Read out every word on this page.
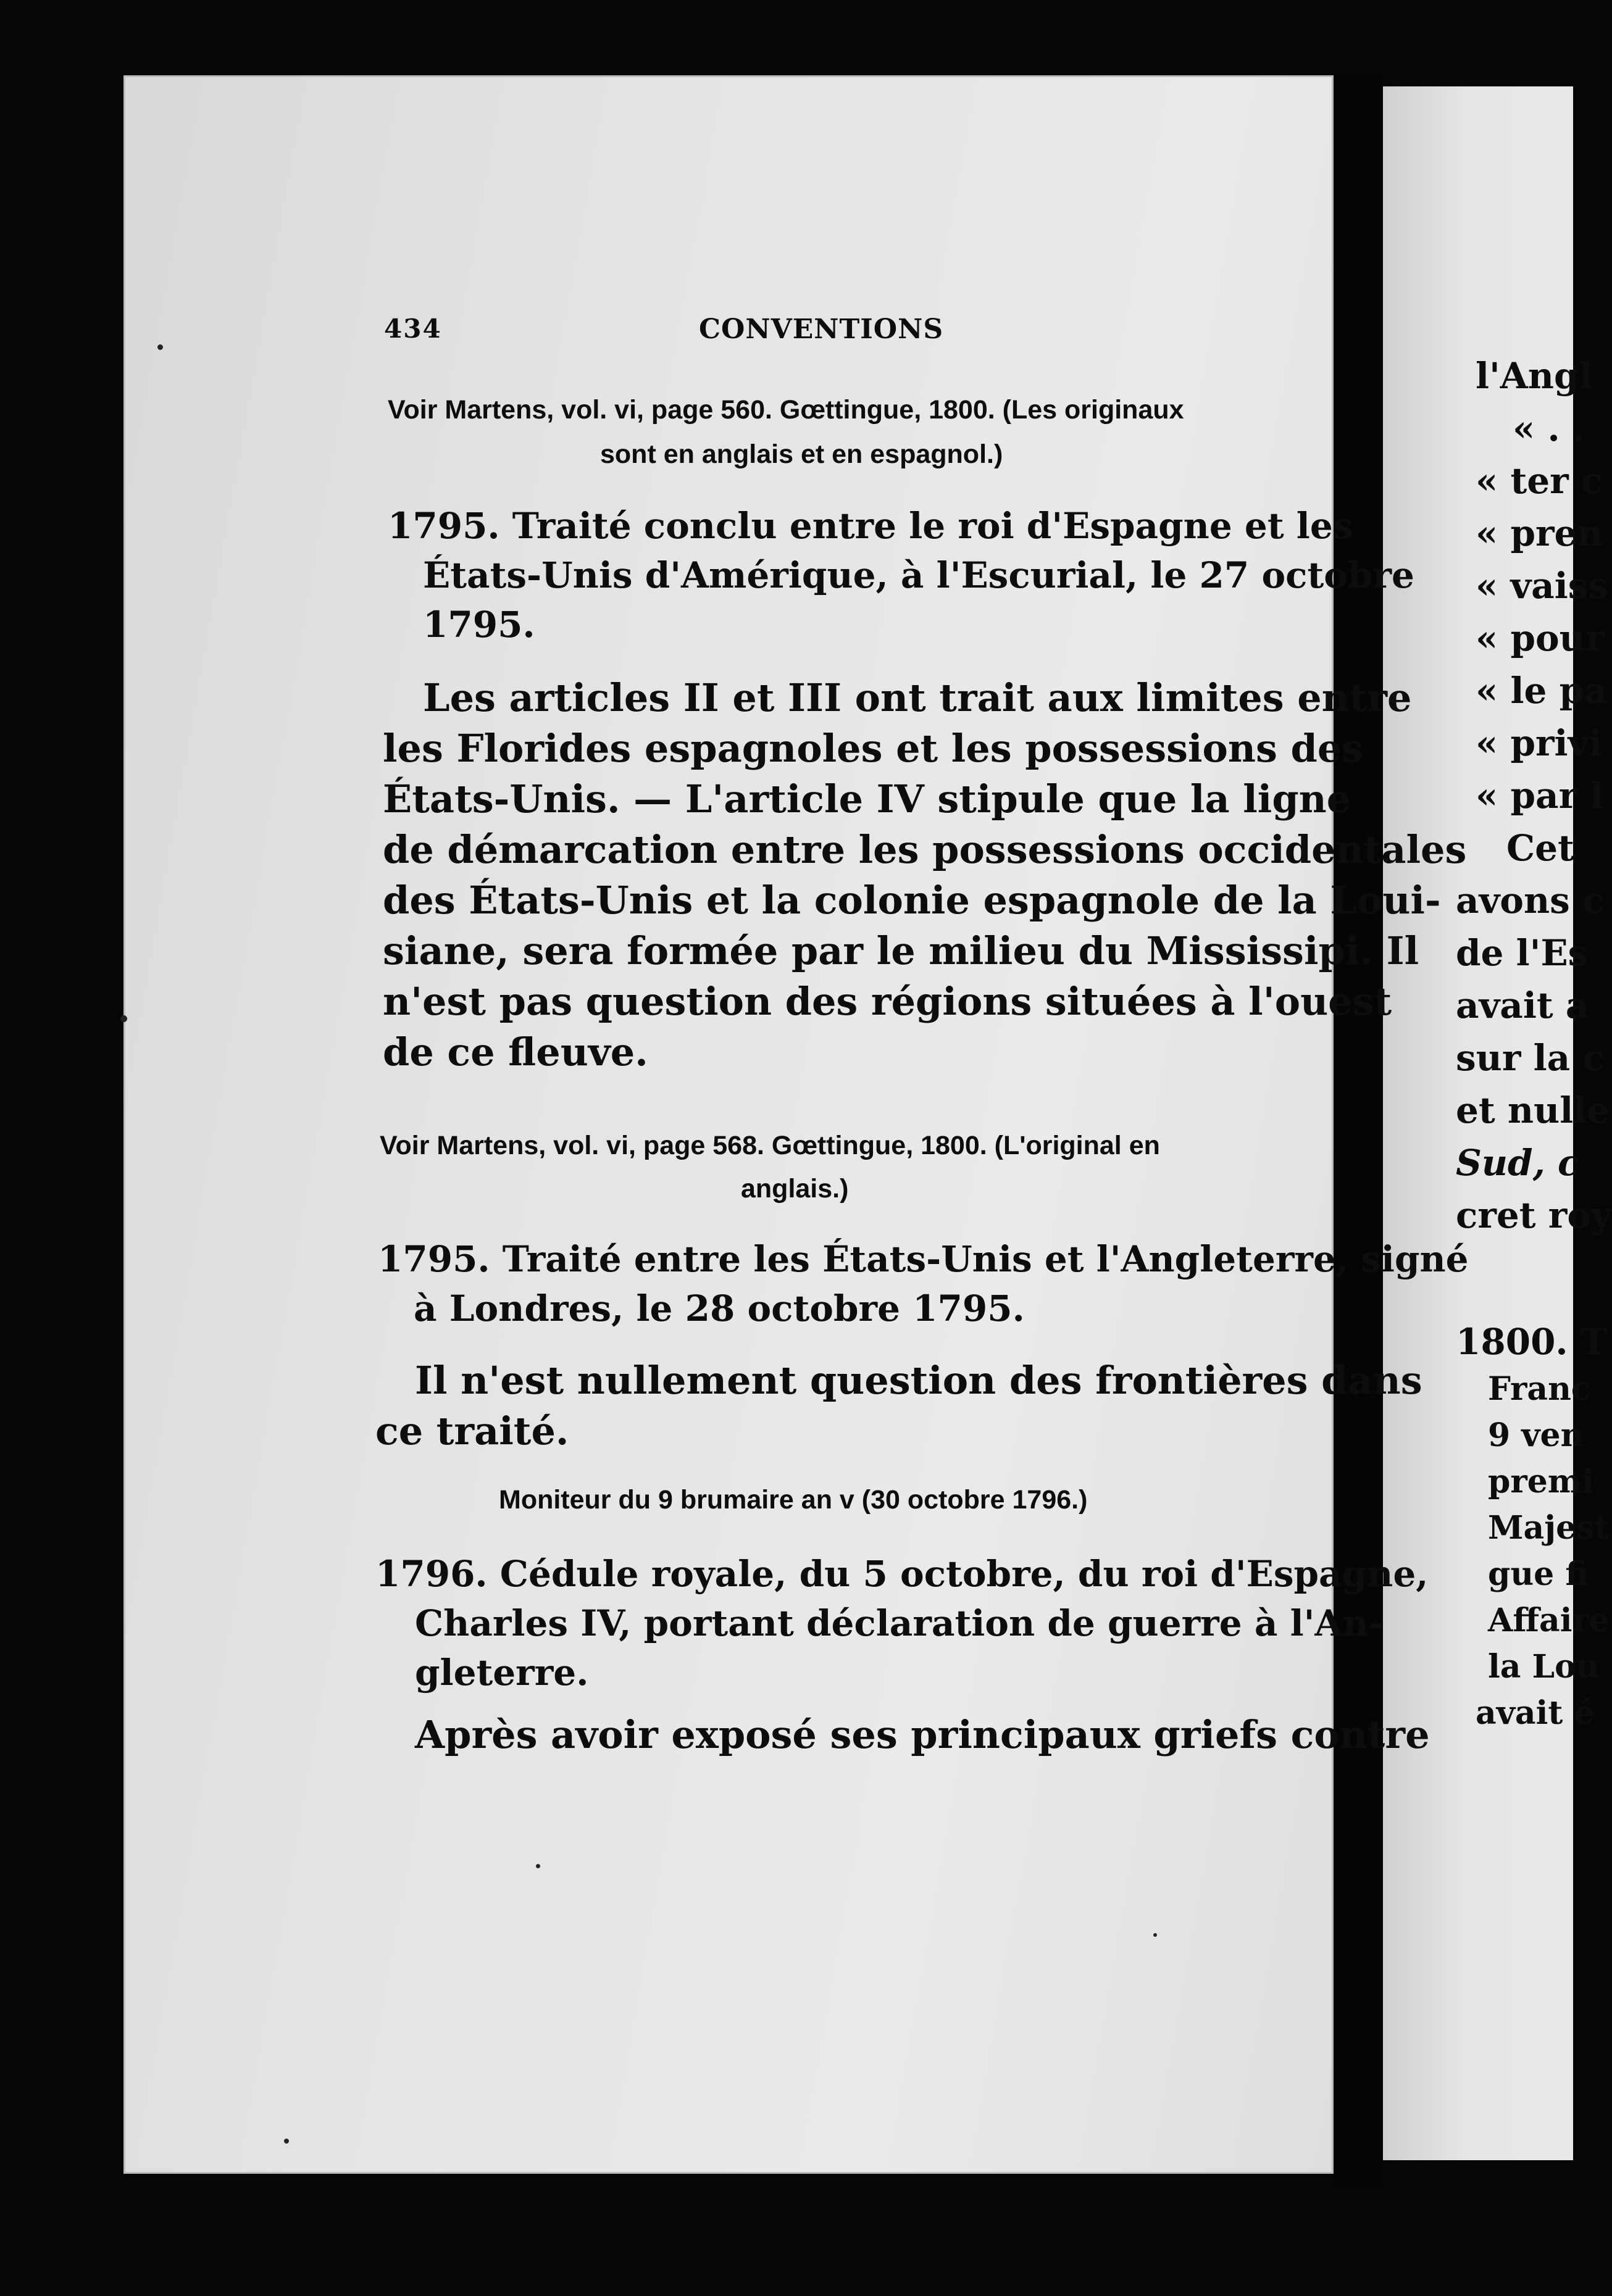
l'Angl
« . .
« ter c
« pren
« vaiss
« pour
« le pa
« privi
« par l
Cet
avons c
de l'Es
avait a
sur la c
et nulle
Sud, c
cret roy
1800. T
Franc
9 ven
premi
Majest
gue fi
Affaire
la Lou
avait é
434	CONVENTIONS
Voir Martens, vol. vi, page 560. Gœttingue, 1800. (Les originaux
sont en anglais et en espagnol.)
1795. Traité conclu entre le roi d'Espagne et les
États-Unis d'Amérique, à l'Escurial, le 27 octobre
1795.
Les articles II et III ont trait aux limites entre
les Florides espagnoles et les possessions des
États-Unis. — L'article IV stipule que la ligne
de démarcation entre les possessions occidentales
des États-Unis et la colonie espagnole de la Loui-
siane, sera formée par le milieu du Mississipi. Il
n'est pas question des régions situées à l'ouest
de ce fleuve.
Voir Martens, vol. vi, page 568. Gœttingue, 1800. (L'original en
anglais.)
1795. Traité entre les États-Unis et l'Angleterre, signé
à Londres, le 28 octobre 1795.
Il n'est nullement question des frontières dans
ce traité.
Moniteur du 9 brumaire an v (30 octobre 1796.)
1796. Cédule royale, du 5 octobre, du roi d'Espagne,
Charles IV, portant déclaration de guerre à l'An-
gleterre.
Après avoir exposé ses principaux griefs contre
